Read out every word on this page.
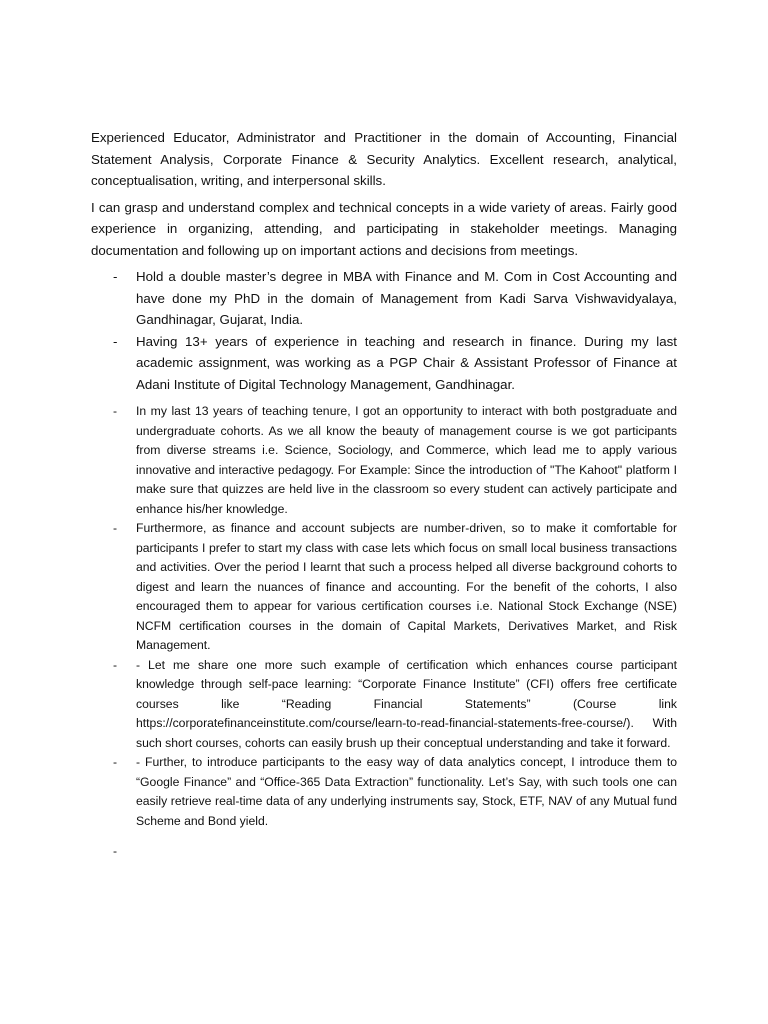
Experienced Educator, Administrator and Practitioner in the domain of Accounting, Financial Statement Analysis, Corporate Finance & Security Analytics. Excellent research, analytical, conceptualisation, writing, and interpersonal skills.

I can grasp and understand complex and technical concepts in a wide variety of areas. Fairly good experience in organizing, attending, and participating in stakeholder meetings. Managing documentation and following up on important actions and decisions from meetings.

- Hold a double master’s degree in MBA with Finance and M. Com in Cost Accounting and have done my PhD in the domain of Management from Kadi Sarva Vishwavidyalaya, Gandhinagar, Gujarat, India.
- Having 13+ years of experience in teaching and research in finance. During my last academic assignment, was working as a PGP Chair & Assistant Professor of Finance at Adani Institute of Digital Technology Management, Gandhinagar.
- In my last 13 years of teaching tenure, I got an opportunity to interact with both postgraduate and undergraduate cohorts. As we all know the beauty of management course is we got participants from diverse streams i.e. Science, Sociology, and Commerce, which lead me to apply various innovative and interactive pedagogy. For Example: Since the introduction of "The Kahoot" platform I make sure that quizzes are held live in the classroom so every student can actively participate and enhance his/her knowledge.
- Furthermore, as finance and account subjects are number-driven, so to make it comfortable for participants I prefer to start my class with case lets which focus on small local business transactions and activities. Over the period I learnt that such a process helped all diverse background cohorts to digest and learn the nuances of finance and accounting. For the benefit of the cohorts, I also encouraged them to appear for various certification courses i.e. National Stock Exchange (NSE) NCFM certification courses in the domain of Capital Markets, Derivatives Market, and Risk Management.
- - Let me share one more such example of certification which enhances course participant knowledge through self-pace learning: “Corporate Finance Institute” (CFI) offers free certificate courses like “Reading Financial Statements” (Course link https://corporatefinanceinstitute.com/course/learn-to-read-financial-statements-free-course/). With such short courses, cohorts can easily brush up their conceptual understanding and take it forward.
- - Further, to introduce participants to the easy way of data analytics concept, I introduce them to “Google Finance” and “Office-365 Data Extraction” functionality. Let’s Say, with such tools one can easily retrieve real-time data of any underlying instruments say, Stock, ETF, NAV of any Mutual fund Scheme and Bond yield.
-
